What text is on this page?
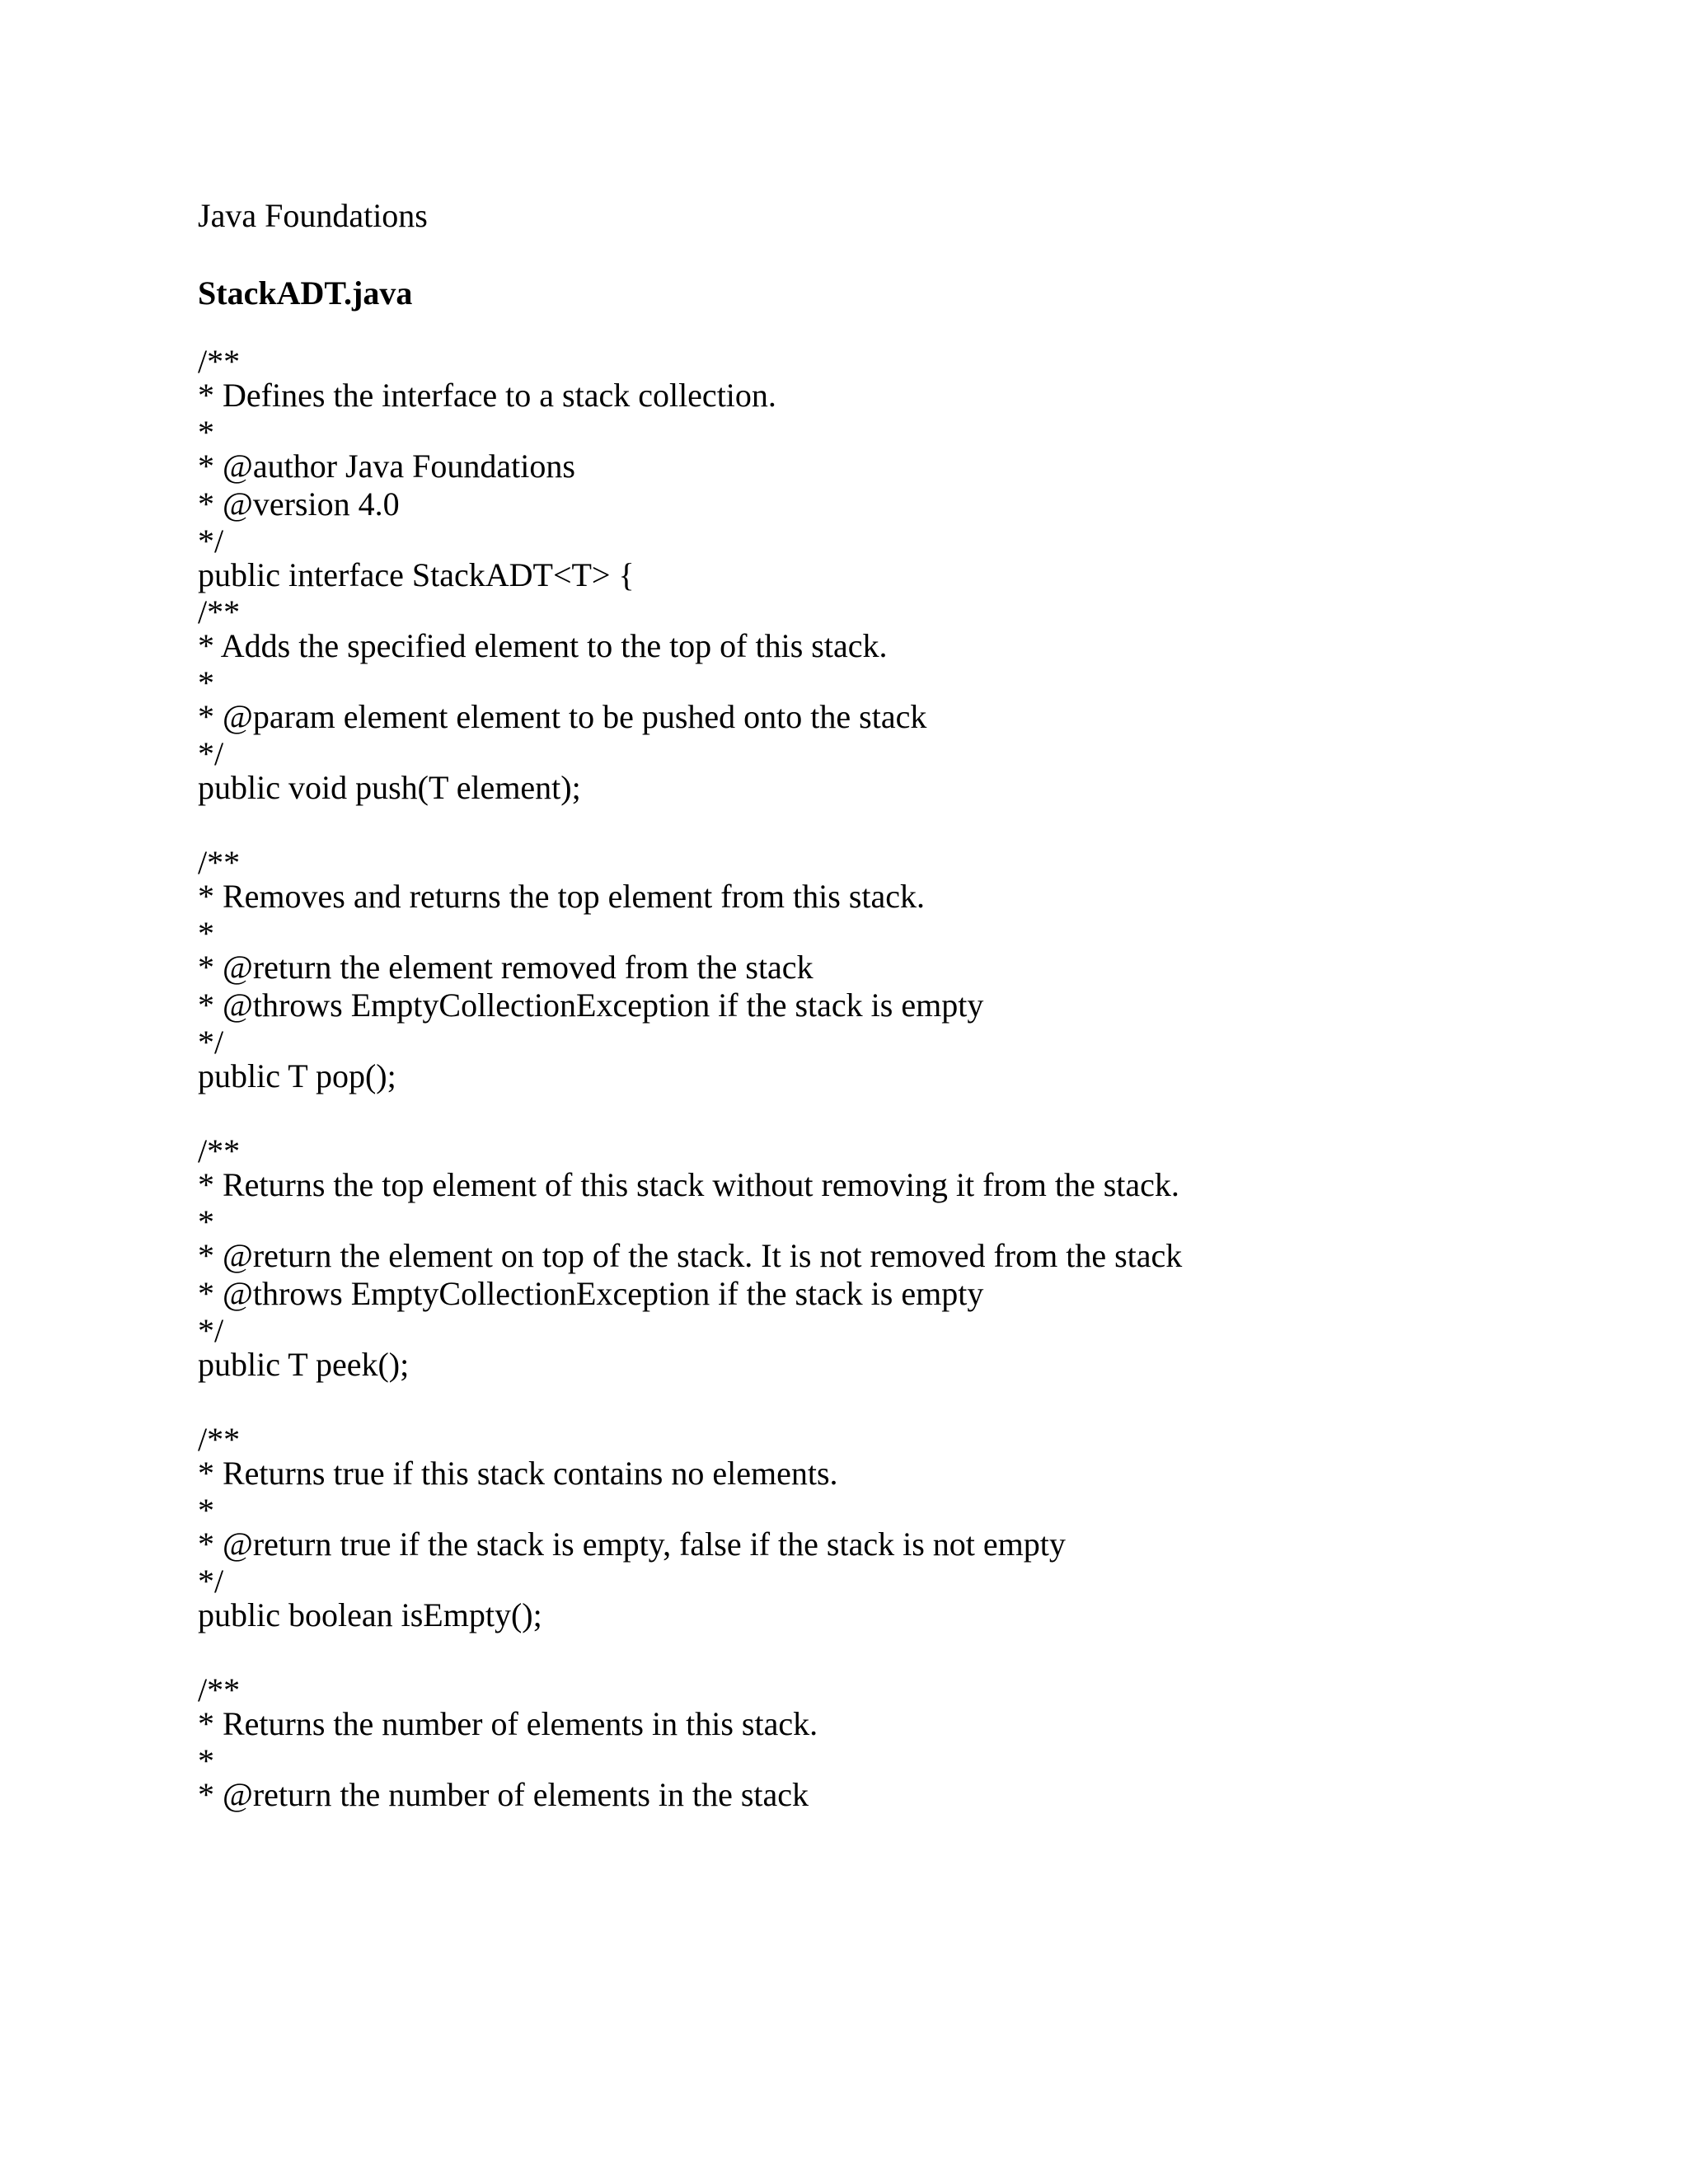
Java Foundations
StackADT.java
/**
* Defines the interface to a stack collection.
*
* @author Java Foundations
* @version 4.0
*/
public interface StackADT<T> {
/**
* Adds the specified element to the top of this stack.
*
* @param element element to be pushed onto the stack
*/
public void push(T element);
/**
* Removes and returns the top element from this stack.
*
* @return the element removed from the stack
* @throws EmptyCollectionException if the stack is empty
*/
public T pop();
/**
* Returns the top element of this stack without removing it from the stack.
*
* @return the element on top of the stack. It is not removed from the stack
* @throws EmptyCollectionException if the stack is empty
*/
public T peek();
/**
* Returns true if this stack contains no elements.
*
* @return true if the stack is empty, false if the stack is not empty
*/
public boolean isEmpty();
/**
* Returns the number of elements in this stack.
*
* @return the number of elements in the stack
